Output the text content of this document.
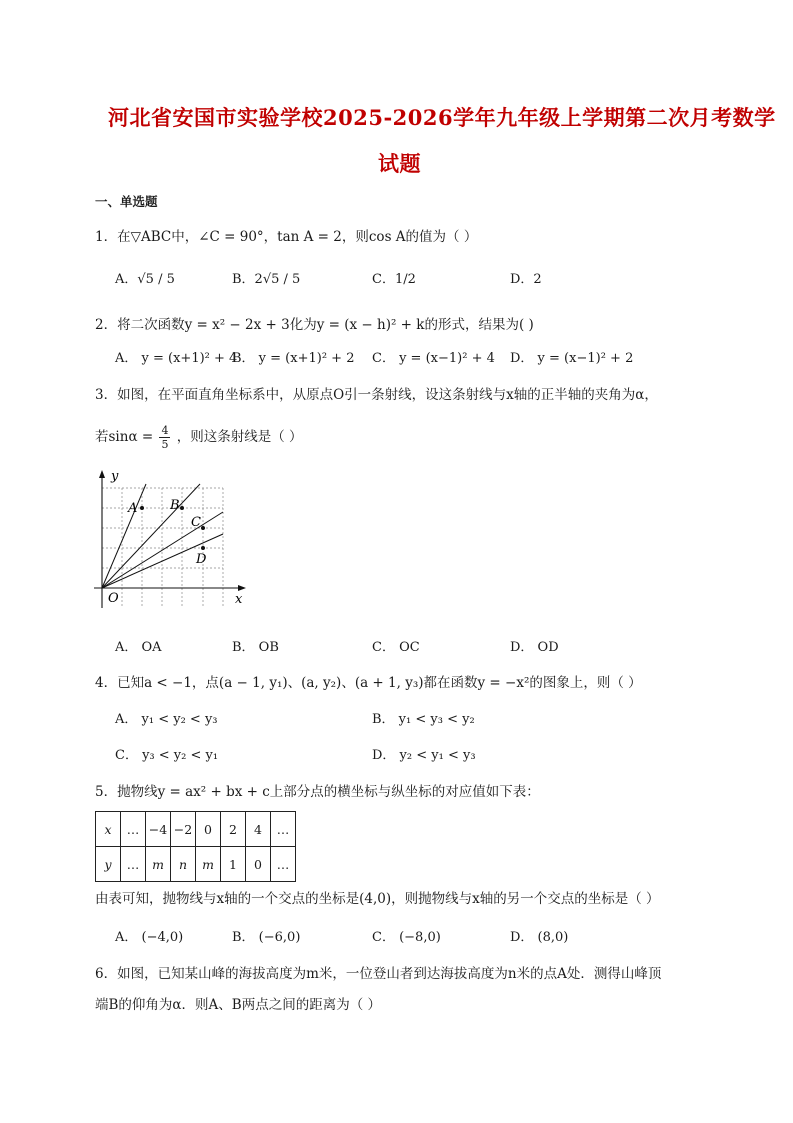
河北省安国市实验学校2025-2026学年九年级上学期第二次月考数学
试题
一、单选题
1．在▽ABC中，∠C = 90°，tan A = 2，则cos A的值为（ ）
A．√5 / 5	B．2√5 / 5	C．1/2	D．2
2．将二次函数y = x² − 2x + 3化为y = (x − h)² + k的形式，结果为( )
A． y = (x+1)² + 4
B． y = (x+1)² + 2 C． y = (x−1)² + 4 D． y = (x−1)² + 2
3．如图，在平面直角坐标系中，从原点O引一条射线，设这条射线与x轴的正半轴的夹角为α，
若$\sin\alpha = \frac{4}{5}$ ，则这条射线是（ ）
y
x
O
A	B
C
D
A． OA	B． OB	C． OC	D． OD
4．已知a < −1，点(a − 1, y₁)、(a, y₂)、(a + 1, y₃)都在函数y = −x²的图象上，则（ ）
A． y₁ < y₂ < y₃	B． y₁ < y₃ < y₂
C． y₃ < y₂ < y₁	D． y₂ < y₁ < y₃
5．抛物线y = ax² + bx + c上部分点的横坐标与纵坐标的对应值如下表：
x	…	−4	−2	0	2	4	…
y	…	m	n	m	1	0	…
由表可知，抛物线与x轴的一个交点的坐标是(4,0)，则抛物线与x轴的另一个交点的坐标是（ ）
A． (−4,0)	B． (−6,0)	C． (−8,0)	D． (8,0)
6．如图，已知某山峰的海拔高度为m米，一位登山者到达海拔高度为n米的点A处．测得山峰顶
端B的仰角为α．则A、B两点之间的距离为（ ）
